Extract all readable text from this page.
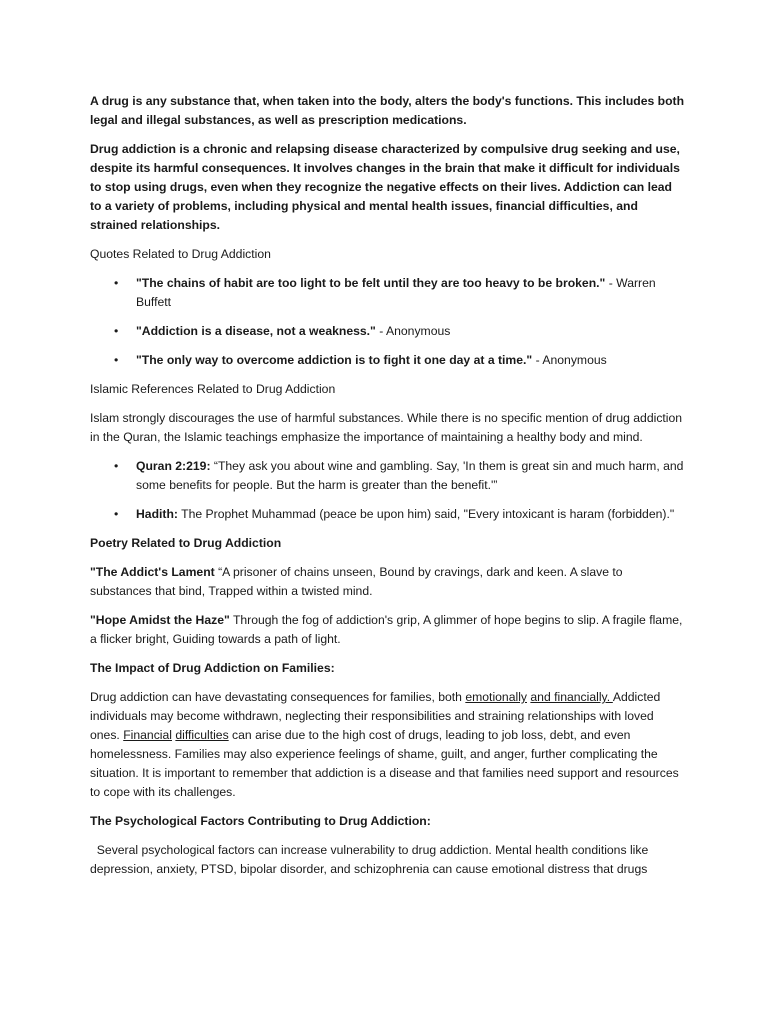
A drug is any substance that, when taken into the body, alters the body's functions. This includes both legal and illegal substances, as well as prescription medications.

Drug addiction is a chronic and relapsing disease characterized by compulsive drug seeking and use, despite its harmful consequences. It involves changes in the brain that make it difficult for individuals to stop using drugs, even when they recognize the negative effects on their lives. Addiction can lead to a variety of problems, including physical and mental health issues, financial difficulties, and strained relationships.

Quotes Related to Drug Addiction
• "The chains of habit are too light to be felt until they are too heavy to be broken." - Warren Buffett
• "Addiction is a disease, not a weakness." - Anonymous
• "The only way to overcome addiction is to fight it one day at a time." - Anonymous
Islamic References Related to Drug Addiction

Islam strongly discourages the use of harmful substances. While there is no specific mention of drug addiction in the Quran, the Islamic teachings emphasize the importance of maintaining a healthy body and mind.

• Quran 2:219: “They ask you about wine and gambling. Say, 'In them is great sin and much harm, and some benefits for people. But the harm is greater than the benefit.'”
• Hadith: The Prophet Muhammad (peace be upon him) said, "Every intoxicant is haram (forbidden)."
Poetry Related to Drug Addiction

"The Addict's Lament “A prisoner of chains unseen, Bound by cravings, dark and keen. A slave to substances that bind, Trapped within a twisted mind.

"Hope Amidst the Haze" Through the fog of addiction's grip, A glimmer of hope begins to slip. A fragile flame, a flicker bright, Guiding towards a path of light.

The Impact of Drug Addiction on Families:

Drug addiction can have devastating consequences for families, both emotionally and financially. Addicted individuals may become withdrawn, neglecting their responsibilities and straining relationships with loved ones. Financial difficulties can arise due to the high cost of drugs, leading to job loss, debt, and even homelessness. Families may also experience feelings of shame, guilt, and anger, further complicating the situation. It is important to remember that addiction is a disease and that families need support and resources to cope with its challenges.

The Psychological Factors Contributing to Drug Addiction:

Several psychological factors can increase vulnerability to drug addiction. Mental health conditions like depression, anxiety, PTSD, bipolar disorder, and schizophrenia can cause emotional distress that drugs
